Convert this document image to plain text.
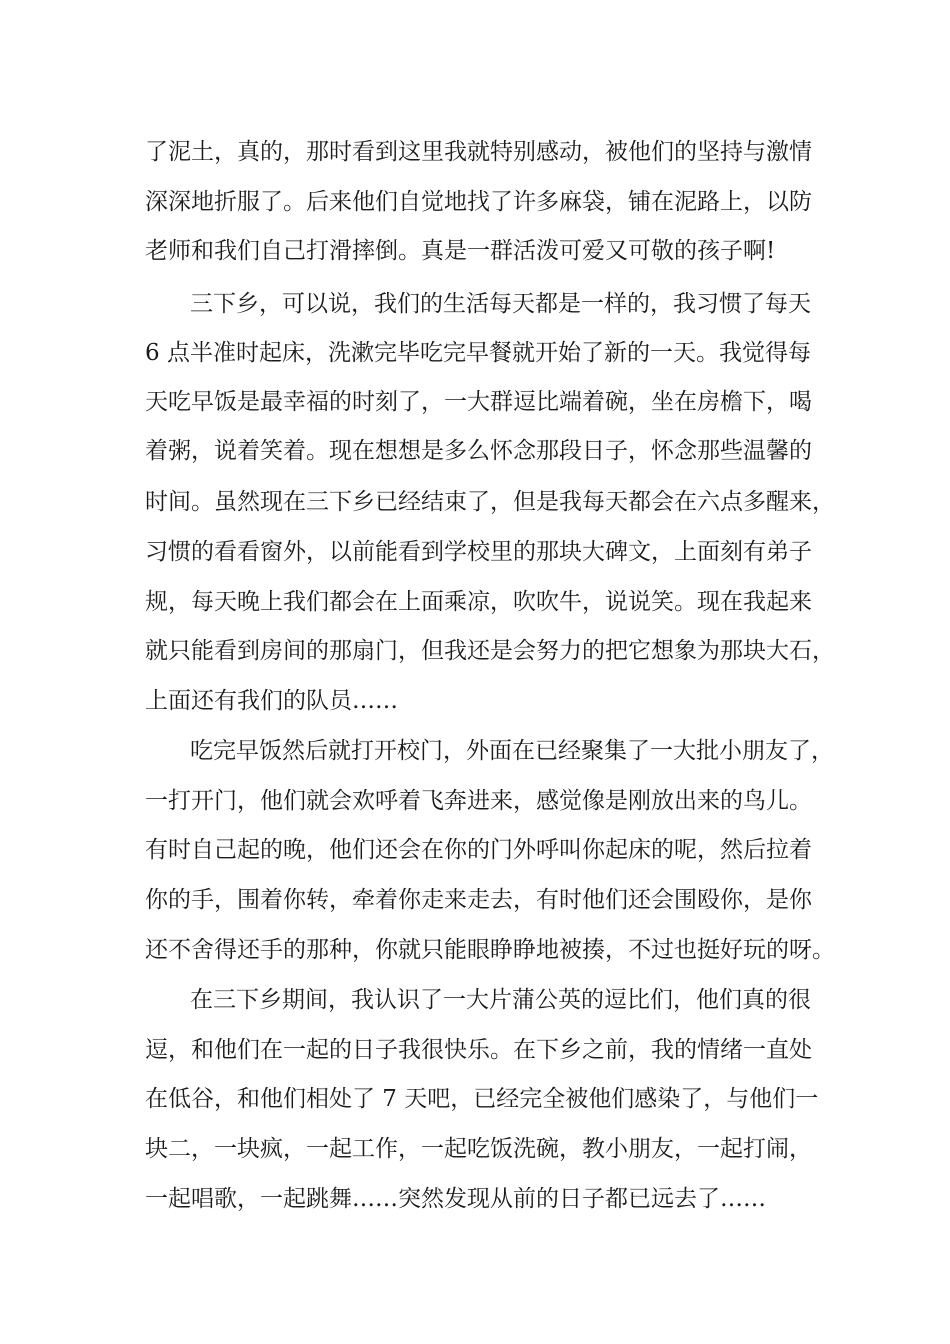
了泥土，真的，那时看到这里我就特别感动，被他们的坚持与激情
深深地折服了。后来他们自觉地找了许多麻袋，铺在泥路上，以防
老师和我们自己打滑摔倒。真是一群活泼可爱又可敬的孩子啊!
三下乡，可以说，我们的生活每天都是一样的，我习惯了每天
6 点半准时起床，洗漱完毕吃完早餐就开始了新的一天。我觉得每
天吃早饭是最幸福的时刻了，一大群逗比端着碗，坐在房檐下，喝
着粥，说着笑着。现在想想是多么怀念那段日子，怀念那些温馨的
时间。虽然现在三下乡已经结束了，但是我每天都会在六点多醒来，
习惯的看看窗外，以前能看到学校里的那块大碑文，上面刻有弟子
规，每天晚上我们都会在上面乘凉，吹吹牛，说说笑。现在我起来
就只能看到房间的那扇门，但我还是会努力的把它想象为那块大石，
上面还有我们的队员……
吃完早饭然后就打开校门，外面在已经聚集了一大批小朋友了，
一打开门，他们就会欢呼着飞奔进来，感觉像是刚放出来的鸟儿。
有时自己起的晚，他们还会在你的门外呼叫你起床的呢，然后拉着
你的手，围着你转，牵着你走来走去，有时他们还会围殴你，是你
还不舍得还手的那种，你就只能眼睁睁地被揍，不过也挺好玩的呀。
在三下乡期间，我认识了一大片蒲公英的逗比们，他们真的很
逗，和他们在一起的日子我很快乐。在下乡之前，我的情绪一直处
在低谷，和他们相处了 7 天吧，已经完全被他们感染了，与他们一
块二，一块疯，一起工作，一起吃饭洗碗，教小朋友，一起打闹，
一起唱歌，一起跳舞……突然发现从前的日子都已远去了……
